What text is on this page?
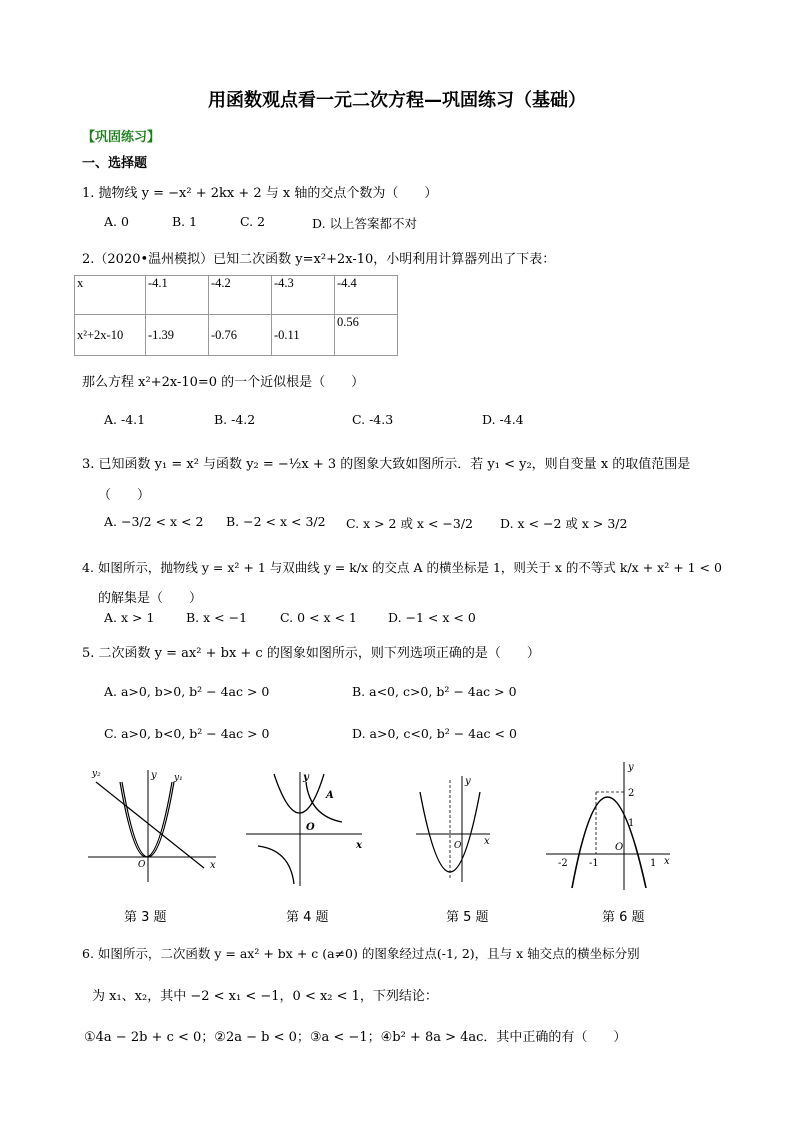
用函数观点看一元二次方程—巩固练习（基础）
【巩固练习】
一、选择题
1. 抛物线 y = −x² + 2kx + 2 与 x 轴的交点个数为（　　）
A. 0	B. 1	C. 2	D. 以上答案都不对
2.（2020•温州模拟）已知二次函数 y=x²+2x-10，小明利用计算器列出了下表：
x	-4.1	-4.2	-4.3	-4.4
x²+2x-10	-1.39	-0.76	-0.11	0.56
那么方程 x²+2x-10=0 的一个近似根是（　　）
A. -4.1	B. -4.2	C. -4.3	D. -4.4
3. 已知函数 y₁ = x² 与函数 y₂ = −½x + 3 的图象大致如图所示．若 y₁ < y₂，则自变量 x 的取值范围是
（　　）
A. −3/2 < x < 2 B. −2 < x < 3/2 C. x > 2 或 x < −3/2 D. x < −2 或 x > 3/2
4. 如图所示，抛物线 y = x² + 1 与双曲线 y = k/x 的交点 A 的横坐标是 1，则关于 x 的不等式 k/x + x² + 1 < 0
的解集是（　　）
A. x > 1	B. x < −1	C. 0 < x < 1 D. −1 < x < 0
5. 二次函数 y = ax² + bx + c 的图象如图所示，则下列选项正确的是（　　）
A. a>0, b>0, b² − 4ac > 0	B. a<0, c>0, b² − 4ac > 0
C. a>0, b<0, b² − 4ac > 0	D. a>0, c<0, b² − 4ac < 0
y₂	y₁
y
x
O
y
x
O
A
y
x
O
y
x
O
2
1
-1
-2	1
第 3 题	第 4 题	第 5 题	第 6 题
6. 如图所示，二次函数 y = ax² + bx + c (a≠0) 的图象经过点(-1, 2)，且与 x 轴交点的横坐标分别
为 x₁、x₂，其中 −2 < x₁ < −1，0 < x₂ < 1，下列结论：
①4a − 2b + c < 0；②2a − b < 0；③a < −1；④b² + 8a > 4ac．其中正确的有（　　）
